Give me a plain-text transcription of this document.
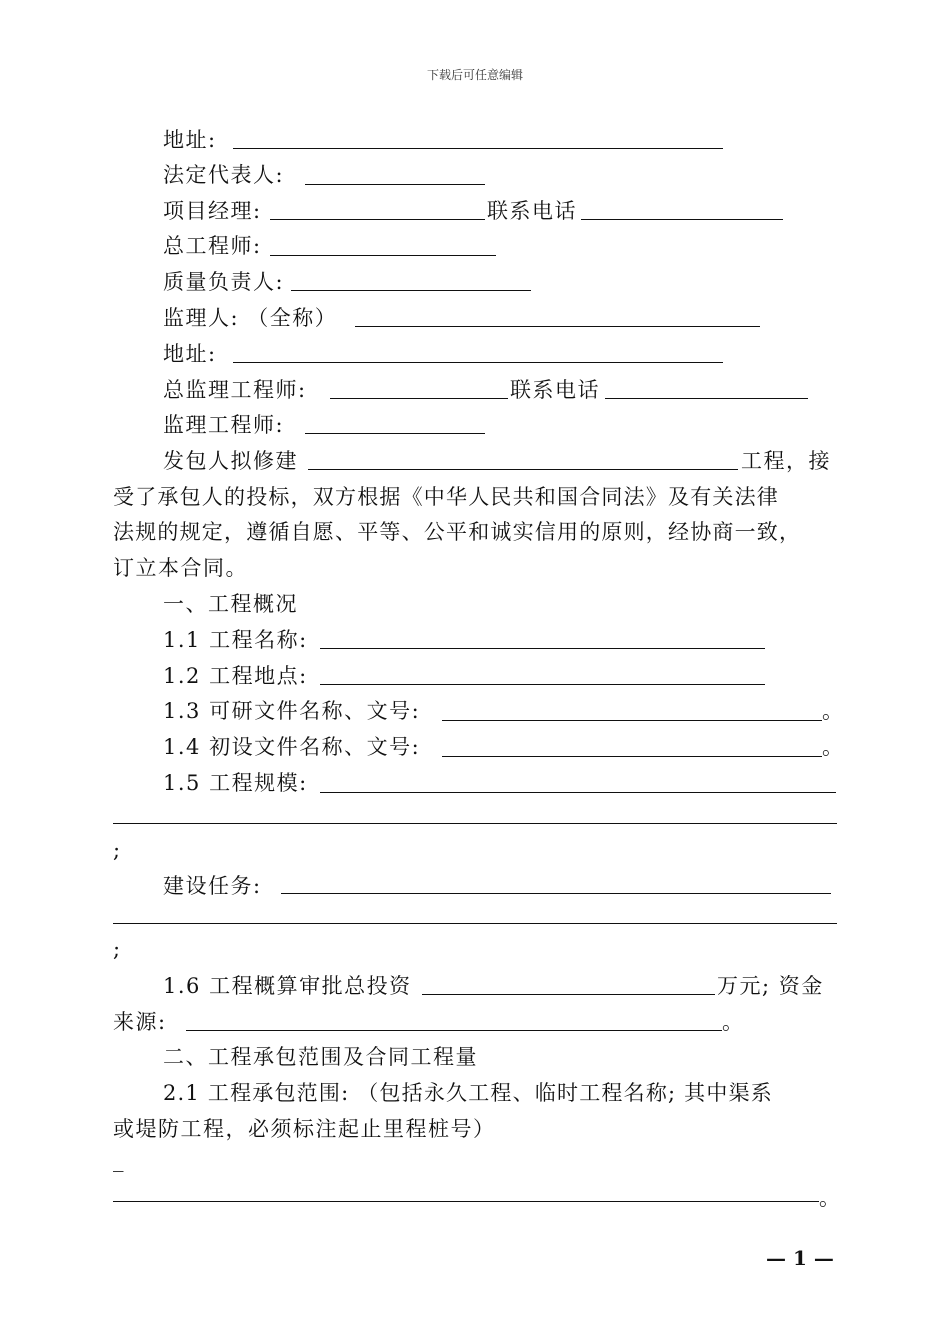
下载后可任意编辑
地址:
法定代表人:
项目经理:	联系电话
总工程师:
质量负责人:
监理人: （全称）
地址:
总监理工程师:	联系电话
监理工程师:
发包人拟修建	工程，接
受了承包人的投标，双方根据《中华人民共和国合同法》及有关法律
法规的规定，遵循自愿、平等、公平和诚实信用的原则，经协商一致，
订立本合同。
一、工程概况
1.1 工程名称:
1.2 工程地点:
1.3 可研文件名称、文号:	。
1.4 初设文件名称、文号:	。
1.5 工程规模:
;
建设任务:
;
1.6 工程概算审批总投资	万元; 资金
来源:	。
二、工程承包范围及合同工程量
2.1 工程承包范围: （包括永久工程、临时工程名称; 其中渠系
或堤防工程，必须标注起止里程桩号）
_
。
— 1 —
